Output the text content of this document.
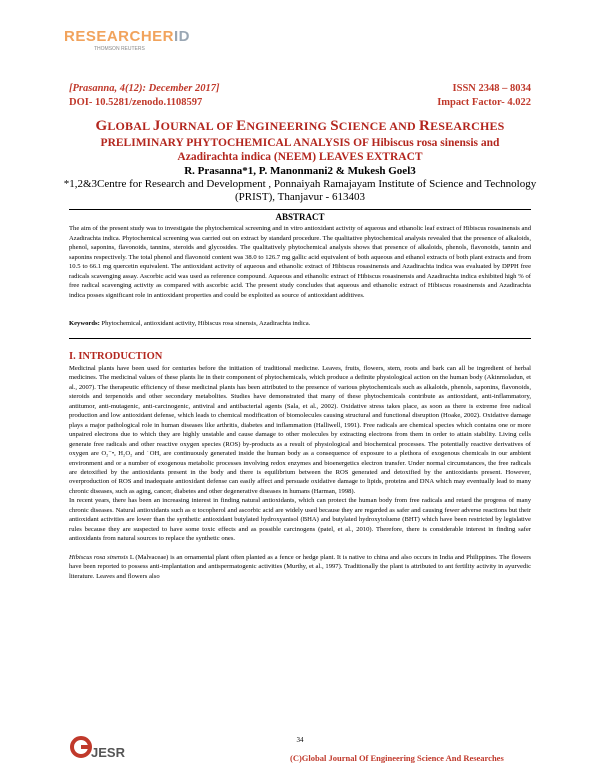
RESEARCHERID
THOMSON REUTERS
[Prasanna, 4(12): December 2017]
DOI- 10.5281/zenodo.1108597
ISSN 2348 – 8034
Impact Factor- 4.022
GLOBAL JOURNAL OF ENGINEERING SCIENCE AND RESEARCHES
PRELIMINARY PHYTOCHEMICAL ANALYSIS OF Hibiscus rosa sinensis and
Azadirachta indica (NEEM) LEAVES EXTRACT
R. Prasanna*1, P. Manonmani2 & Mukesh Goel3
*1,2&3Centre for Research and Development , Ponnaiyah Ramajayam Institute of Science and Technology
(PRIST), Thanjavur - 613403
ABSTRACT
The aim of the present study was to investigate the phytochemical screening and in vitro antioxidant activity of aqueous and ethanolic leaf extract of Hibiscus rosasinensis and Azadirachta indica. Phytochemical screening was carried out on extract by standard procedure. The qualitative phytochemical analysis revealed that the presence of alkaloids, phenol, saponins, flavonoids, tannins, steroids and glycosides. The qualitatively phytochemical analysis shows that presence of alkaloids, phenols, flavonoids, tannin and saponins respectively. The total phenol and flavonoid content was 38.0 to 126.7 mg gallic acid equivalent of both aqueous and ethanol extracts of both plant extracts and from 10.5 to 66.1 mg quercetin equivalent. The antioxidant activity of aqueous and ethanolic extract of Hibiscus rosasinensis and Azadirachta indica was evaluated by DPPH free radicals scavenging assay. Ascorbic acid was used as reference compound. Aqueous and ethanolic extract of Hibiscus rosasinensis and Azadirachta indica exhibited high % of free radical scavenging activity as compared with ascorbic acid. The present study concludes that aqueous and ethanolic extract of Hibiscus rosasinensis and Azadirachta indica posses significant role in antioxidant properties and could be exploited as source of antioxidant additives.
Keywords: Phytochemical, antioxidant activity, Hibiscus rosa sinensis, Azadirachta indica.
I. INTRODUCTION

Medicinal plants have been used for centuries before the initiation of traditional medicine. Leaves, fruits, flowers, stem, roots and bark can all be ingredient of herbal medicines. The medicinal values of these plants lie in their component of phytochemicals, which produce a definite physiological action on the human body (Akinmoladun, et al., 2007). The therapeutic efficiency of these medicinal plants has been attributed to the presence of various phytochemicals such as alkaloids, phenols, saponins, flavonoids, steroids and terpenoids and other secondary metabolites. Studies have demonstrated that many of these phytochemicals contribute as antioxidant, anti-inflammatory, antitumor, anti-mutagenic, anti-carcinogenic, antiviral and antibacterial agents (Sala, et al., 2002). Oxidative stress takes place, as soon as there is extreme free radical production and low antioxidant defense, which leads to chemical modification of biomolecules causing structural and functional disruption (Hoake, 2002). Oxidative damage plays a major pathological role in human diseases like arthritis, diabetes and inflammation (Halliwell, 1991). Free radicals are chemical species which contains one or more unpaired electrons due to which they are highly unstable and cause damage to other molecules by extracting electrons from them in order to attain stability. Living cells generate free radicals and other reactive oxygen species (ROS) by-products as a result of physiological and biochemical processes. The potentially reactive derivatives of oxygen are O₂⁻•, H₂O₂ and ˙OH, are continuously generated inside the human body as a consequence of exposure to a plethora of exogenous chemicals in our ambient environment and or a number of exogenous metabolic processes involving redox enzymes and bioenergetics electron transfer. Under normal circumstances, the free radicals are detoxified by the antioxidants present in the body and there is equilibrium between the ROS generated and detoxified by the antioxidants present. However, overproduction of ROS and inadequate antioxidant defense can easily affect and persuade oxidative damage to lipids, proteins and DNA which may eventually lead to many chronic diseases, such as aging, cancer, diabetes and other degenerative diseases in humans (Harman, 1998).

In recent years, there has been an increasing interest in finding natural antioxidants, which can protect the human body from free radicals and retard the progress of many chronic diseases. Natural antioxidants such as α tocopherol and ascorbic acid are widely used because they are regarded as safer and causing fewer adverse reactions but their antioxidant activities are lower than the synthetic antioxidant butylated hydroxyanisol (BHA) and butylated hydroxytoluene (BHT) which have been restricted by legislative rules because they are suspected to have some toxic effects and as possible carcinogens (patel, et al., 2010). Therefore, there is considerable interest in finding safer antioxidants from natural sources to replace the synthetic ones.

Hibiscus rosa sinensis L (Malvaceae) is an ornamental plant often planted as a fence or hedge plant. It is native to china and also occurs in India and Philippines. The flowers have been reported to possess anti-implantation and antispermatogenic activities (Murthy, et al., 1997). Traditionally the plant is attributed to ant fertility activity in ayurvedic literature. Leaves and flowers also

JESR
34
(C)Global Journal Of Engineering Science And Researches
